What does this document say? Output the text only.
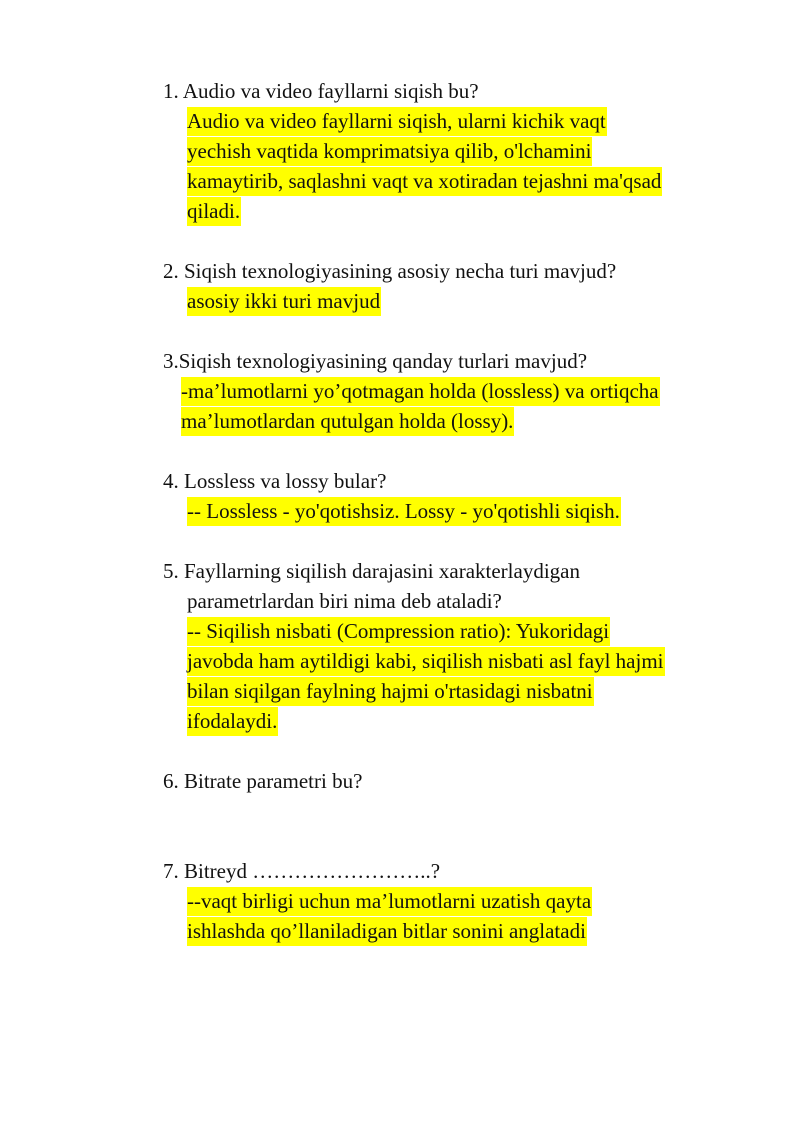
1. Audio va video fayllarni siqish bu?
Audio va video fayllarni siqish, ularni kichik vaqt
yechish vaqtida komprimatsiya qilib, o'lchamini
kamaytirib, saqlashni vaqt va xotiradan tejashni ma'qsad
qiladi.
2. Siqish texnologiyasining asosiy necha turi mavjud?
asosiy ikki turi mavjud
3.Siqish texnologiyasining qanday turlari mavjud?
-ma’lumotlarni yo’qotmagan holda (lossless) va ortiqcha
ma’lumotlardan qutulgan holda (lossy).
4. Lossless va lossy bular?
-- Lossless - yo'qotishsiz. Lossy - yo'qotishli siqish.
5. Fayllarning siqilish darajasini xarakterlaydigan
parametrlardan biri nima deb ataladi?
-- Siqilish nisbati (Compression ratio): Yukoridagi
javobda ham aytildigi kabi, siqilish nisbati asl fayl hajmi
bilan siqilgan faylning hajmi o'rtasidagi nisbatni
ifodalaydi.
6. Bitrate parametri bu?
7. Bitreyd ……………………..?
--vaqt birligi uchun ma’lumotlarni uzatish qayta
ishlashda qo’llaniladigan bitlar sonini anglatadi
